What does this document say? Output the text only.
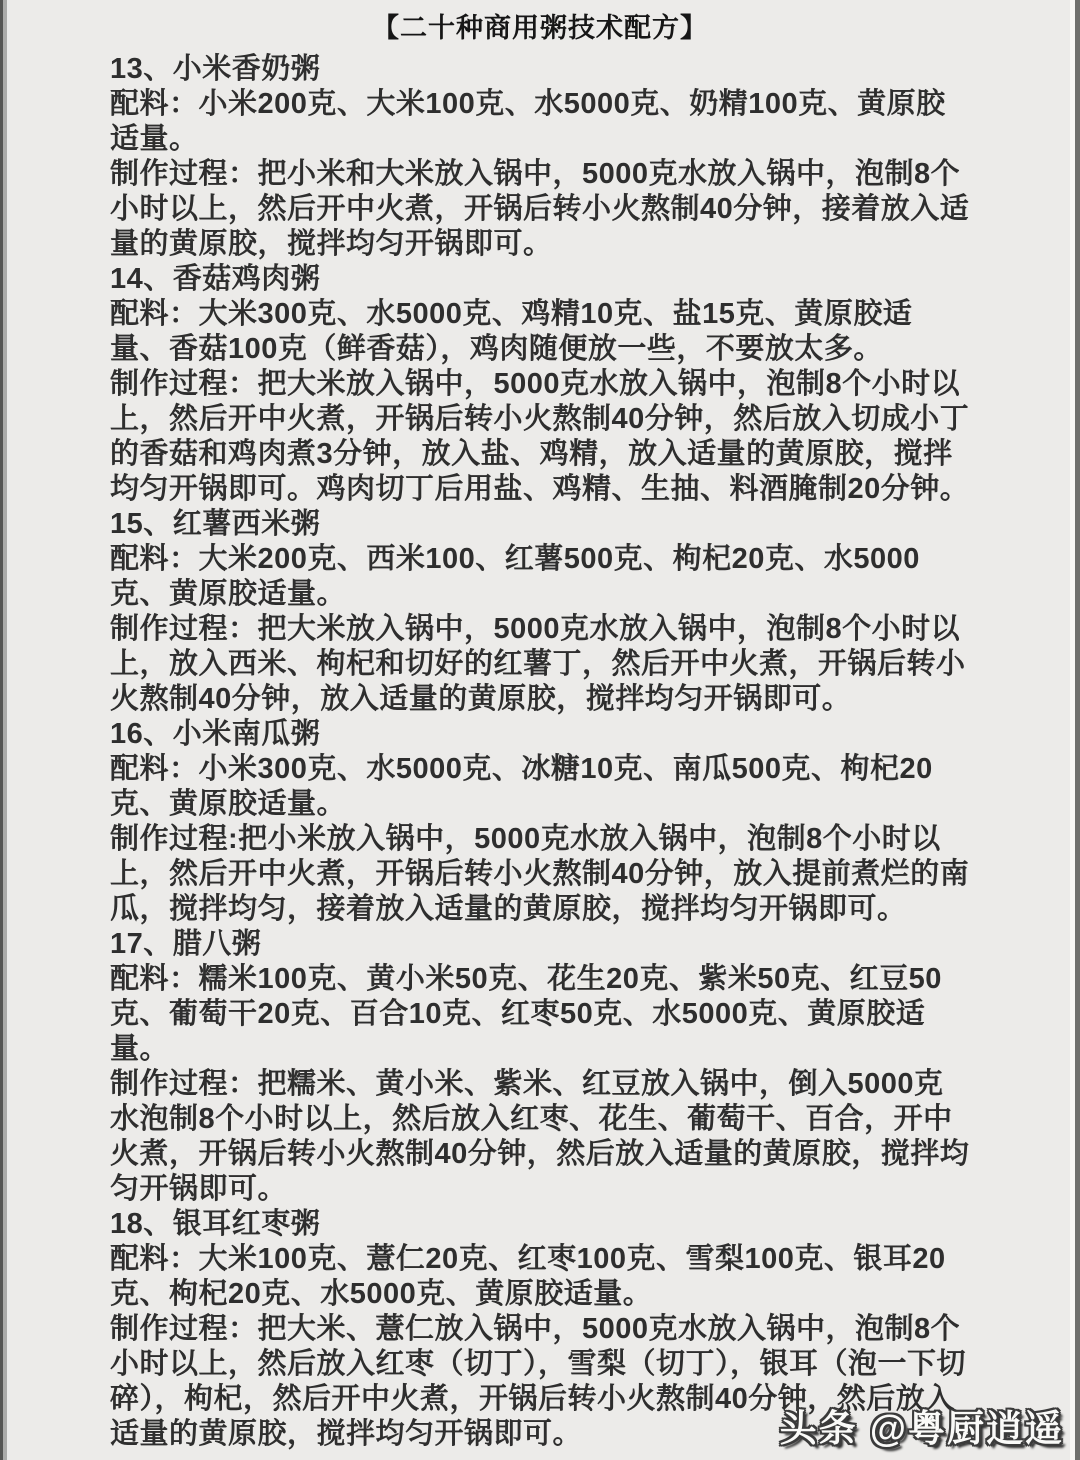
【二十种商用粥技术配方】

13、小米香奶粥

配料：小米200克、大米100克、水5000克、奶精100克、黄原胶适量。

制作过程：把小米和大米放入锅中，5000克水放入锅中，泡制8个小时以上，然后开中火煮，开锅后转小火熬制40分钟，接着放入适量的黄原胶，搅拌均匀开锅即可。

14、香菇鸡肉粥

配料：大米300克、水5000克、鸡精10克、盐15克、黄原胶适量、香菇100克（鲜香菇），鸡肉随便放一些，不要放太多。

制作过程：把大米放入锅中，5000克水放入锅中，泡制8个小时以上，然后开中火煮，开锅后转小火熬制40分钟，然后放入切成小丁的香菇和鸡肉煮3分钟，放入盐、鸡精，放入适量的黄原胶，搅拌均匀开锅即可。鸡肉切丁后用盐、鸡精、生抽、料酒腌制20分钟。

15、红薯西米粥

配料：大米200克、西米100、红薯500克、枸杞20克、水5000克、黄原胶适量。

制作过程：把大米放入锅中，5000克水放入锅中，泡制8个小时以上，放入西米、枸杞和切好的红薯丁，然后开中火煮，开锅后转小火熬制40分钟，放入适量的黄原胶，搅拌均匀开锅即可。

16、小米南瓜粥

配料：小米300克、水5000克、冰糖10克、南瓜500克、枸杞20克、黄原胶适量。

制作过程:把小米放入锅中，5000克水放入锅中，泡制8个小时以上，然后开中火煮，开锅后转小火熬制40分钟，放入提前煮烂的南瓜，搅拌均匀，接着放入适量的黄原胶，搅拌均匀开锅即可。

17、腊八粥

配料：糯米100克、黄小米50克、花生20克、紫米50克、红豆50克、葡萄干20克、百合10克、红枣50克、水5000克、黄原胶适量。

制作过程：把糯米、黄小米、紫米、红豆放入锅中，倒入5000克水泡制8个小时以上，然后放入红枣、花生、葡萄干、百合，开中火煮，开锅后转小火熬制40分钟，然后放入适量的黄原胶，搅拌均匀开锅即可。

18、银耳红枣粥

配料：大米100克、薏仁20克、红枣100克、雪梨100克、银耳20克、枸杞20克、水5000克、黄原胶适量。

制作过程：把大米、薏仁放入锅中，5000克水放入锅中，泡制8个小时以上，然后放入红枣（切丁），雪梨（切丁），银耳（泡一下切碎），枸杞，然后开中火煮，开锅后转小火熬制40分钟，然后放入适量的黄原胶，搅拌均匀开锅即可。	头条 @粤厨逍遥
